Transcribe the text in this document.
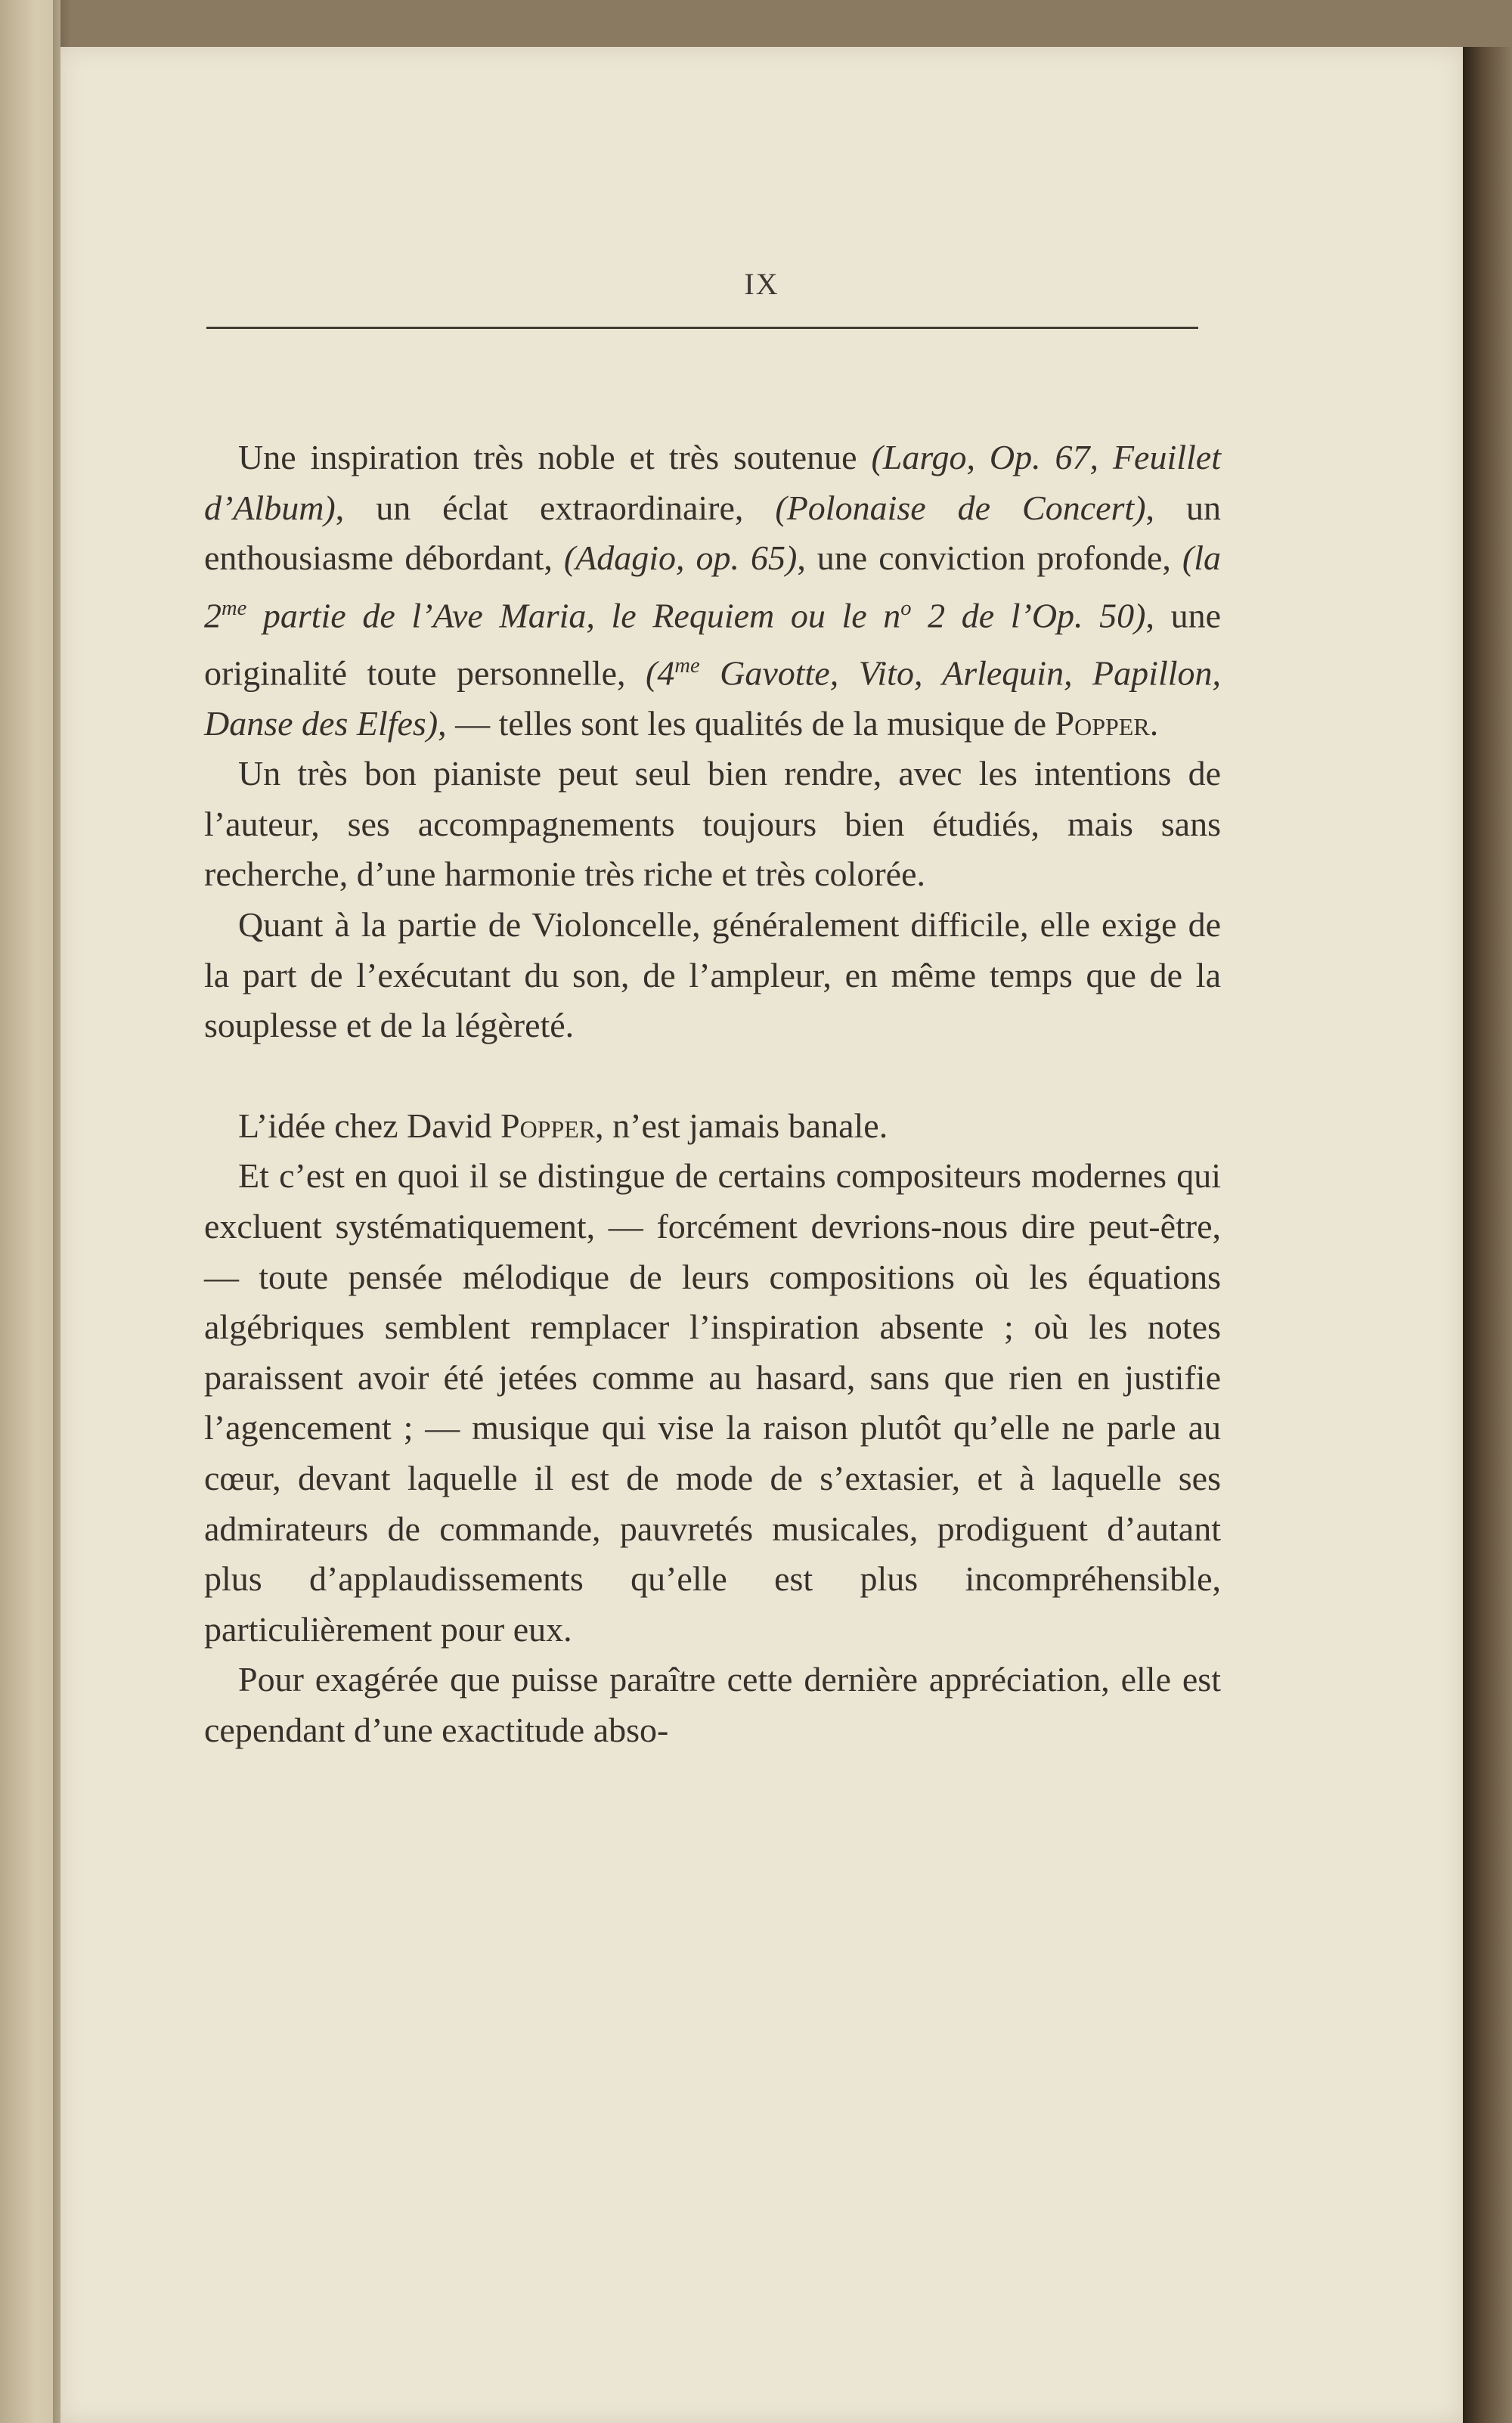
IX

Une inspiration très noble et très soutenue (Largo, Op. 67, Feuillet d’Album), un éclat extraordinaire, (Polonaise de Concert), un enthousiasme débordant, (Adagio, op. 65), une conviction profonde, (la $2^{me}$ partie de l’Ave Maria, le Requiem ou le $n^o$ 2 de l’Op. 50), une originalité toute personnelle, ($4^{me}$ Gavotte, Vito, Arlequin, Papillon, Danse des Elfes), — telles sont les qualités de la musique de Popper.

Un très bon pianiste peut seul bien rendre, avec les intentions de l’auteur, ses accompagnements toujours bien étudiés, mais sans recherche, d’une harmonie très riche et très colorée.

Quant à la partie de Violoncelle, généralement difficile, elle exige de la part de l’exécutant du son, de l’ampleur, en même temps que de la souplesse et de la légèreté.

L’idée chez David Popper, n’est jamais banale.

Et c’est en quoi il se distingue de certains compositeurs modernes qui excluent systématiquement, — forcément devrions-nous dire peut-être, — toute pensée mélodique de leurs compositions où les équations algébriques semblent remplacer l’inspiration absente ; où les notes paraissent avoir été jetées comme au hasard, sans que rien en justifie l’agencement ; — musique qui vise la raison plutôt qu’elle ne parle au cœur, devant laquelle il est de mode de s’extasier, et à laquelle ses admirateurs de commande, pauvretés musicales, prodiguent d’autant plus d’applaudissements qu’elle est plus incompréhensible, particulièrement pour eux.

Pour exagérée que puisse paraître cette dernière appréciation, elle est cependant d’une exactitude abso-
